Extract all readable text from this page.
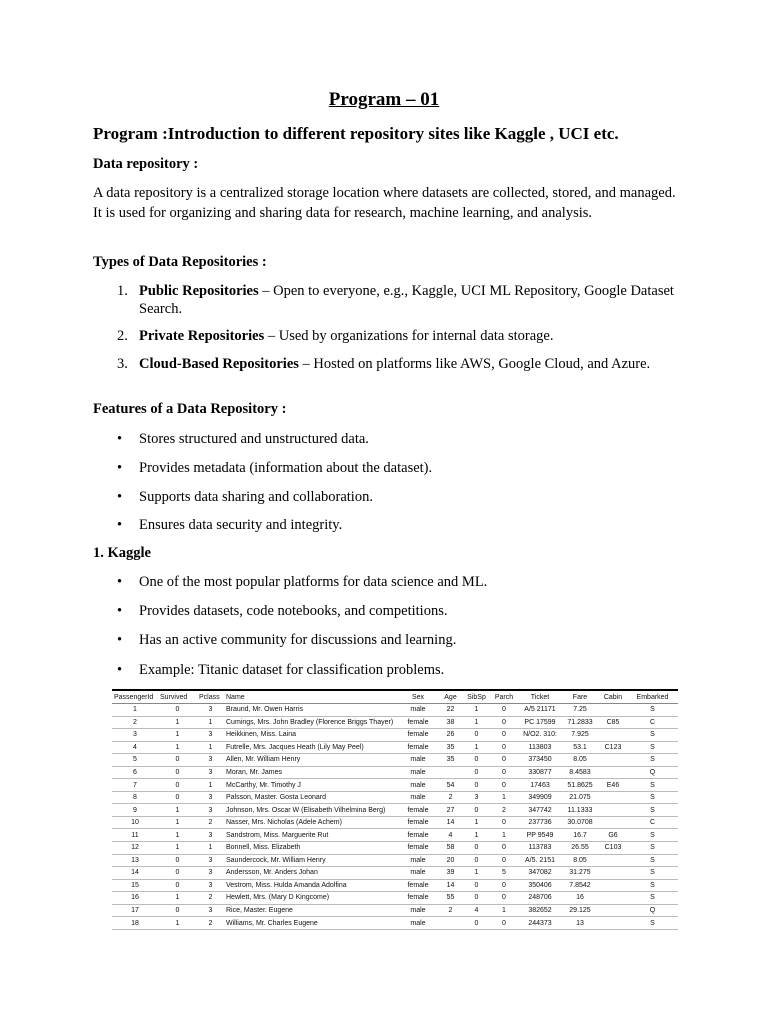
Program – 01
Program :Introduction to different repository sites like Kaggle , UCI etc.
Data repository :
A data repository is a centralized storage location where datasets are collected, stored, and managed. It is used for organizing and sharing data for research, machine learning, and analysis.
Types of Data Repositories :
1. Public Repositories – Open to everyone, e.g., Kaggle, UCI ML Repository, Google Dataset Search.
2. Private Repositories – Used by organizations for internal data storage.
3. Cloud-Based Repositories – Hosted on platforms like AWS, Google Cloud, and Azure.
Features of a Data Repository :
• Stores structured and unstructured data.
• Provides metadata (information about the dataset).
• Supports data sharing and collaboration.
• Ensures data security and integrity.
1. Kaggle
• One of the most popular platforms for data science and ML.
• Provides datasets, code notebooks, and competitions.
• Has an active community for discussions and learning.
• Example: Titanic dataset for classification problems.
PassengerId	Survived	Pclass	Name	Sex	Age	SibSp	Parch	Ticket	Fare	Cabin	Embarked
1	0	3	Braund, Mr. Owen Harris	male	22	1	0	A/5 21171	7.25		S
2	1	1	Cumings, Mrs. John Bradley (Florence Briggs Thayer)	female	38	1	0	PC 17599	71.2833	C85	C
3	1	3	Heikkinen, Miss. Laina	female	26	0	0	N/O2. 310:	7.925		S
4	1	1	Futrelle, Mrs. Jacques Heath (Lily May Peel)	female	35	1	0	113803	53.1	C123	S
5	0	3	Allen, Mr. William Henry	male	35	0	0	373450	8.05		S
6	0	3	Moran, Mr. James	male		0	0	330877	8.4583		Q
7	0	1	McCarthy, Mr. Timothy J	male	54	0	0	17463	51.8625	E46	S
8	0	3	Palsson, Master. Gosta Leonard	male	2	3	1	349909	21.075		S
9	1	3	Johnson, Mrs. Oscar W (Elisabeth Vilhelmina Berg)	female	27	0	2	347742	11.1333		S
10	1	2	Nasser, Mrs. Nicholas (Adele Achem)	female	14	1	0	237736	30.0708		C
11	1	3	Sandstrom, Miss. Marguerite Rut	female	4	1	1	PP 9549	16.7	G6	S
12	1	1	Bonnell, Miss. Elizabeth	female	58	0	0	113783	26.55	C103	S
13	0	3	Saundercock, Mr. William Henry	male	20	0	0	A/5. 2151	8.05		S
14	0	3	Andersson, Mr. Anders Johan	male	39	1	5	347082	31.275		S
15	0	3	Vestrom, Miss. Hulda Amanda Adolfina	female	14	0	0	350406	7.8542		S
16	1	2	Hewlett, Mrs. (Mary D Kingcome)	female	55	0	0	248706	16		S
17	0	3	Rice, Master. Eugene	male	2	4	1	382652	29.125		Q
18	1	2	Williams, Mr. Charles Eugene	male		0	0	244373	13		S
